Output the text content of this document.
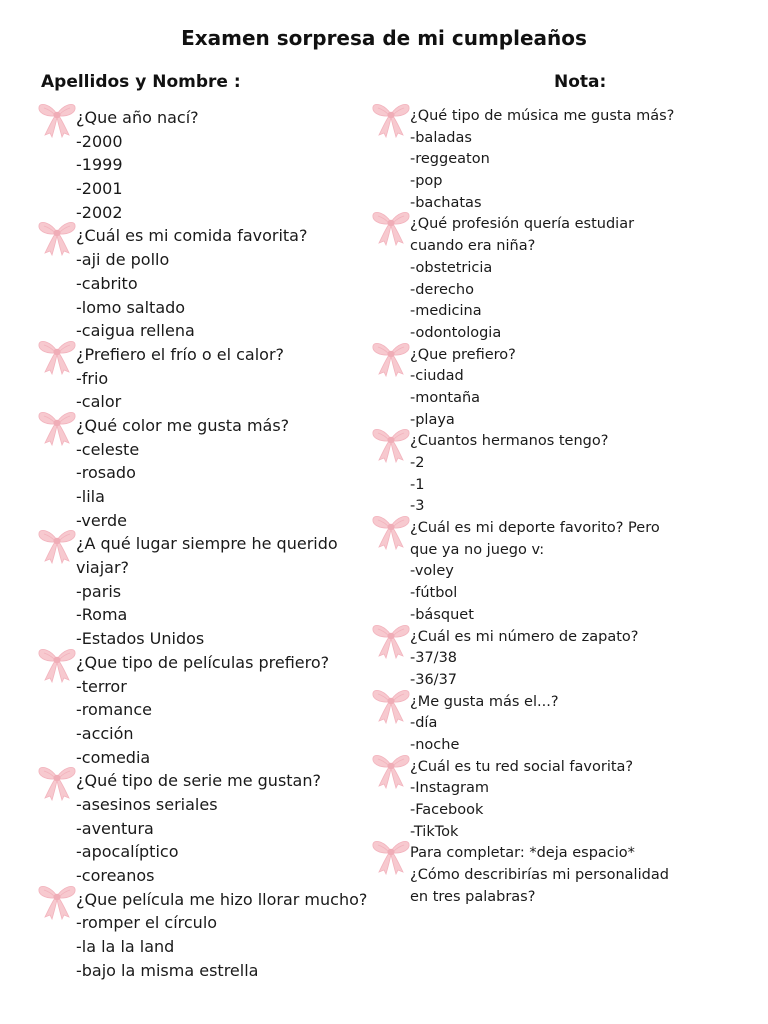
Examen sorpresa de mi cumpleaños
Apellidos y Nombre :	Nota:
¿Que año nací?
-2000
-1999
-2001
-2002
¿Cuál es mi comida favorita?
-aji de pollo
-cabrito
-lomo saltado
-caigua rellena
¿Prefiero el frío o el calor?
-frio
-calor
¿Qué color me gusta más?
-celeste
-rosado
-lila
-verde
¿A qué lugar siempre he querido
viajar?
-paris
-Roma
-Estados Unidos
¿Que tipo de películas prefiero?
-terror
-romance
-acción
-comedia
¿Qué tipo de serie me gustan?
-asesinos seriales
-aventura
-apocalíptico
-coreanos
¿Que película me hizo llorar mucho?
-romper el círculo
-la la la land
-bajo la misma estrella
¿Qué tipo de música me gusta más?
-baladas
-reggeaton
-pop
-bachatas
¿Qué profesión quería estudiar
cuando era niña?
-obstetricia
-derecho
-medicina
-odontologia
¿Que prefiero?
-ciudad
-montaña
-playa
¿Cuantos hermanos tengo?
-2
-1
-3
¿Cuál es mi deporte favorito? Pero
que ya no juego v:
-voley
-fútbol
-básquet
¿Cuál es mi número de zapato?
-37/38
-36/37
¿Me gusta más el...?
-día
-noche
¿Cuál es tu red social favorita?
-Instagram
-Facebook
-TikTok
Para completar: *deja espacio*
¿Cómo describirías mi personalidad
en tres palabras?
